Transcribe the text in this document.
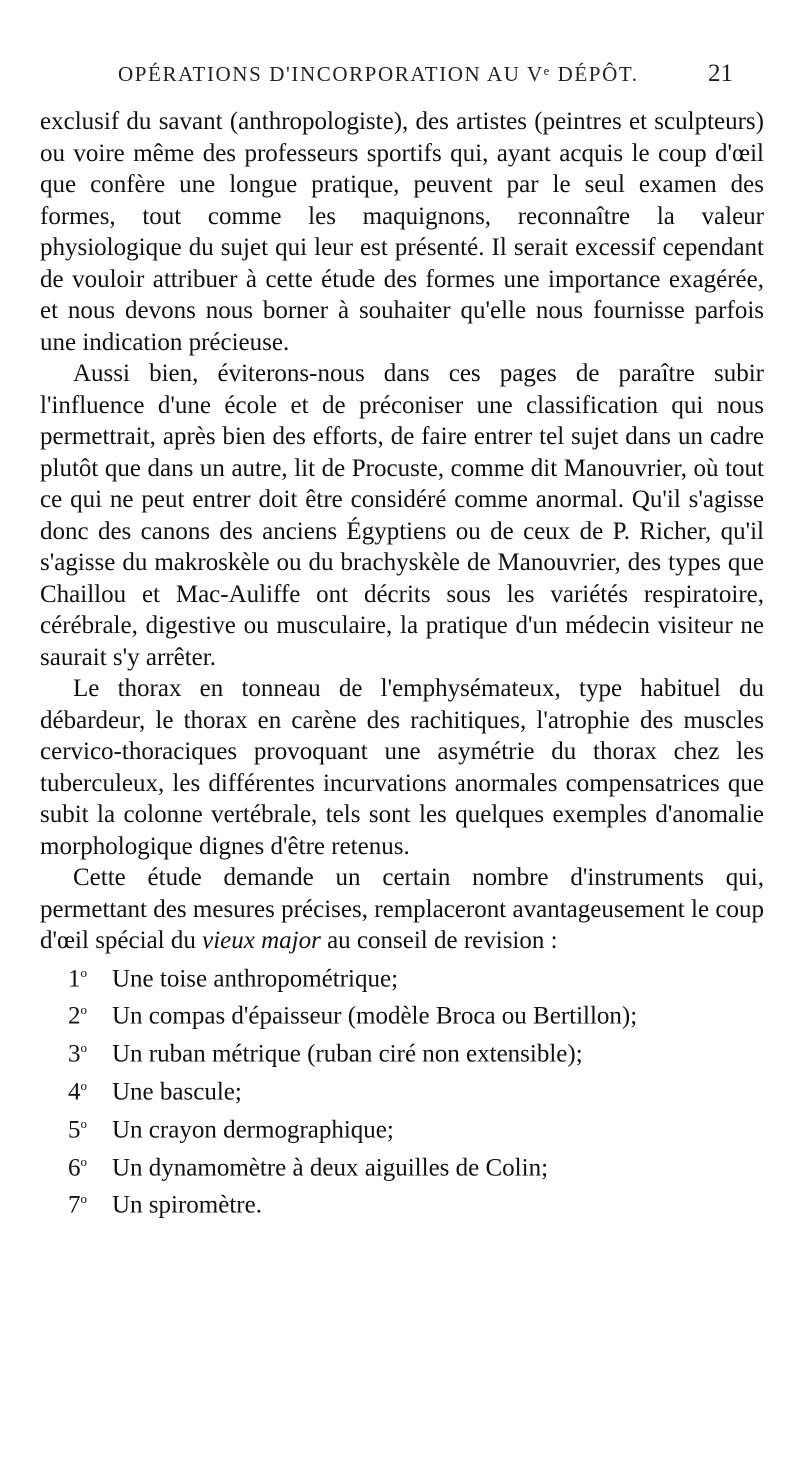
OPÉRATIONS D'INCORPORATION AU Vᵉ DÉPÔT.	21

exclusif du savant (anthropologiste), des artistes (peintres et sculpteurs) ou voire même des professeurs sportifs qui, ayant acquis le coup d'œil que confère une longue pratique, peuvent par le seul examen des formes, tout comme les maquignons, reconnaître la valeur physiologique du sujet qui leur est présenté. Il serait excessif cependant de vouloir attribuer à cette étude des formes une importance exagérée, et nous devons nous borner à souhaiter qu'elle nous fournisse parfois une indication précieuse.

Aussi bien, éviterons-nous dans ces pages de paraître subir l'influence d'une école et de préconiser une classification qui nous permettrait, après bien des efforts, de faire entrer tel sujet dans un cadre plutôt que dans un autre, lit de Procuste, comme dit Manouvrier, où tout ce qui ne peut entrer doit être considéré comme anormal. Qu'il s'agisse donc des canons des anciens Égyptiens ou de ceux de P. Richer, qu'il s'agisse du makroskèle ou du brachyskèle de Manouvrier, des types que Chaillou et Mac-Auliffe ont décrits sous les variétés respiratoire, cérébrale, digestive ou musculaire, la pratique d'un médecin visiteur ne saurait s'y arrêter.

Le thorax en tonneau de l'emphysémateux, type habituel du débardeur, le thorax en carène des rachitiques, l'atrophie des muscles cervico-thoraciques provoquant une asymétrie du thorax chez les tuberculeux, les différentes incurvations anormales compensatrices que subit la colonne vertébrale, tels sont les quelques exemples d'anomalie morphologique dignes d'être retenus.

Cette étude demande un certain nombre d'instruments qui, permettant des mesures précises, remplaceront avantageusement le coup d'œil spécial du vieux major au conseil de revision :

1$^o$ Une toise anthropométrique;
2$^o$ Un compas d'épaisseur (modèle Broca ou Bertillon);
3$^o$ Un ruban métrique (ruban ciré non extensible);
4$^o$ Une bascule;
5$^o$ Un crayon dermographique;
6$^o$ Un dynamomètre à deux aiguilles de Colin;
7$^o$ Un spiromètre.
